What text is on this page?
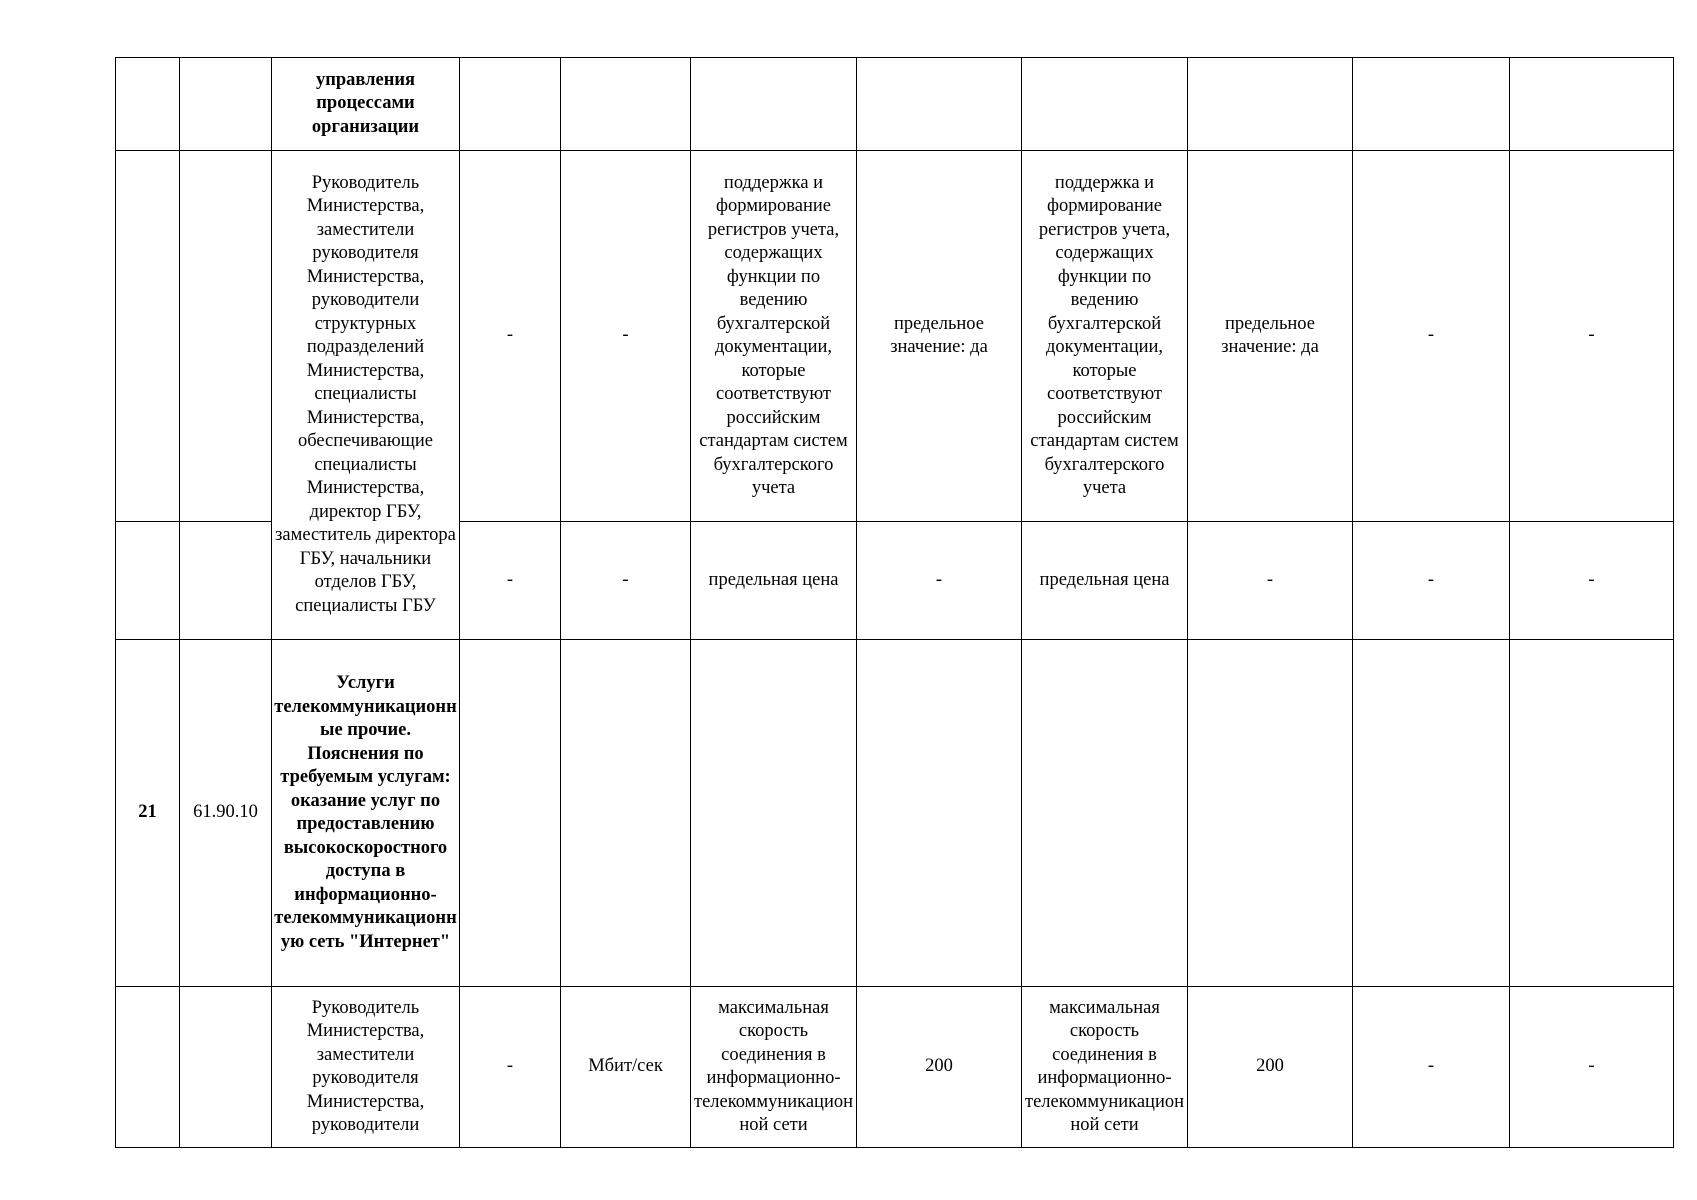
		управления процессами организации								
		Руководитель Министерства, заместители руководителя Министерства, руководители структурных подразделений Министерства, специалисты Министерства, обеспечивающие специалисты Министерства, директор ГБУ, заместитель директора ГБУ, начальники отделов ГБУ, специалисты ГБУ	-	-	поддержка и формирование регистров учета, содержащих функции по ведению бухгалтерской документации, которые соответствуют российским стандартам систем бухгалтерского учета	предельное значение: да	поддержка и формирование регистров учета, содержащих функции по ведению бухгалтерской документации, которые соответствуют российским стандартам систем бухгалтерского учета	предельное значение: да	-	-
			-	-	предельная цена	-	предельная цена	-	-	-
21	61.90.10	Услуги телекоммуникационные прочие. Пояснения по требуемым услугам: оказание услуг по предоставлению высокоскоростного доступа в информационно-телекоммуникационную сеть "Интернет"								
		Руководитель Министерства, заместители руководителя Министерства, руководители	-	Мбит/сек	максимальная скорость соединения в информационно-телекоммуникационной сети	200	максимальная скорость соединения в информационно-телекоммуникационной сети	200	-	-
